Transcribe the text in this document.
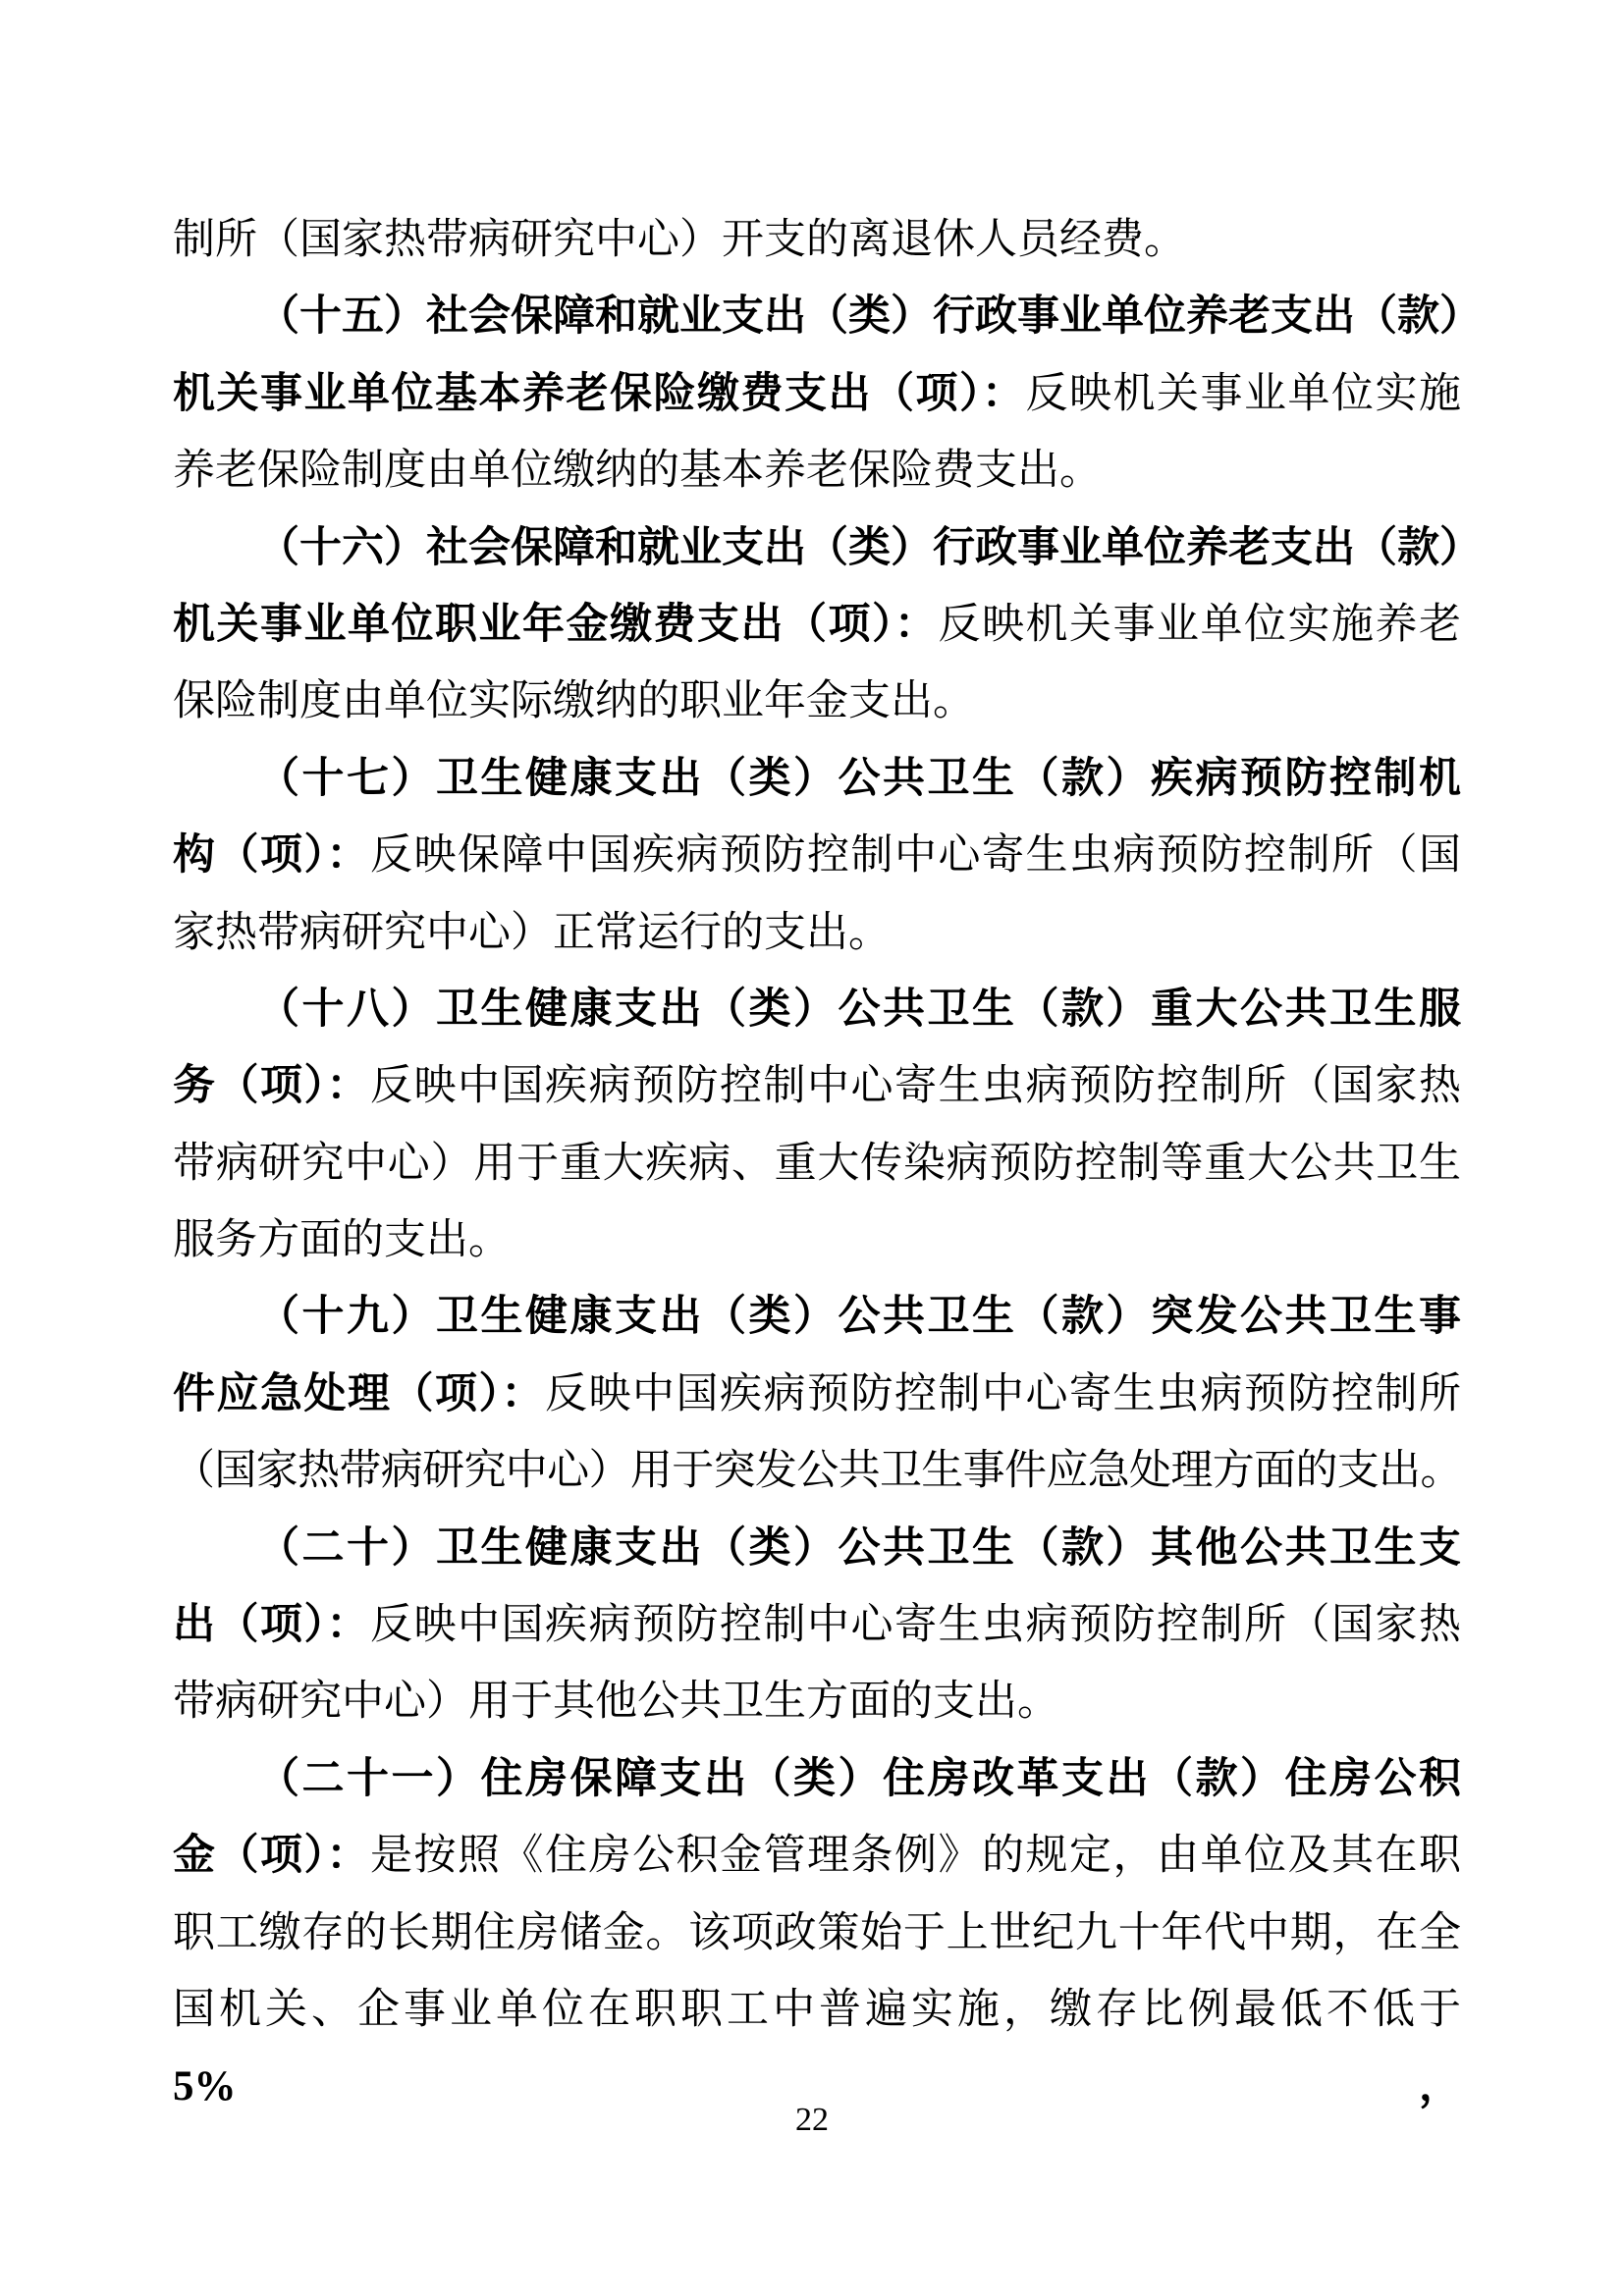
制所（国家热带病研究中心）开支的离退休人员经费。
（十五）社会保障和就业支出（类）行政事业单位养老支出（款）
机关事业单位基本养老保险缴费支出（项）：反映机关事业单位实施
养老保险制度由单位缴纳的基本养老保险费支出。
（十六）社会保障和就业支出（类）行政事业单位养老支出（款）
机关事业单位职业年金缴费支出（项）：反映机关事业单位实施养老
保险制度由单位实际缴纳的职业年金支出。
（十七）卫生健康支出（类）公共卫生（款）疾病预防控制机
构（项）：反映保障中国疾病预防控制中心寄生虫病预防控制所（国
家热带病研究中心）正常运行的支出。
（十八）卫生健康支出（类）公共卫生（款）重大公共卫生服
务（项）：反映中国疾病预防控制中心寄生虫病预防控制所（国家热
带病研究中心）用于重大疾病、重大传染病预防控制等重大公共卫生
服务方面的支出。
（十九）卫生健康支出（类）公共卫生（款）突发公共卫生事
件应急处理（项）：反映中国疾病预防控制中心寄生虫病预防控制所
（国家热带病研究中心）用于突发公共卫生事件应急处理方面的支出。
（二十）卫生健康支出（类）公共卫生（款）其他公共卫生支
出（项）：反映中国疾病预防控制中心寄生虫病预防控制所（国家热
带病研究中心）用于其他公共卫生方面的支出。
（二十一）住房保障支出（类）住房改革支出（款）住房公积
金（项）：是按照《住房公积金管理条例》的规定，由单位及其在职
职工缴存的长期住房储金。该项政策始于上世纪九十年代中期，在全
国机关、企事业单位在职职工中普遍实施，缴存比例最低不低于 5%，
22
